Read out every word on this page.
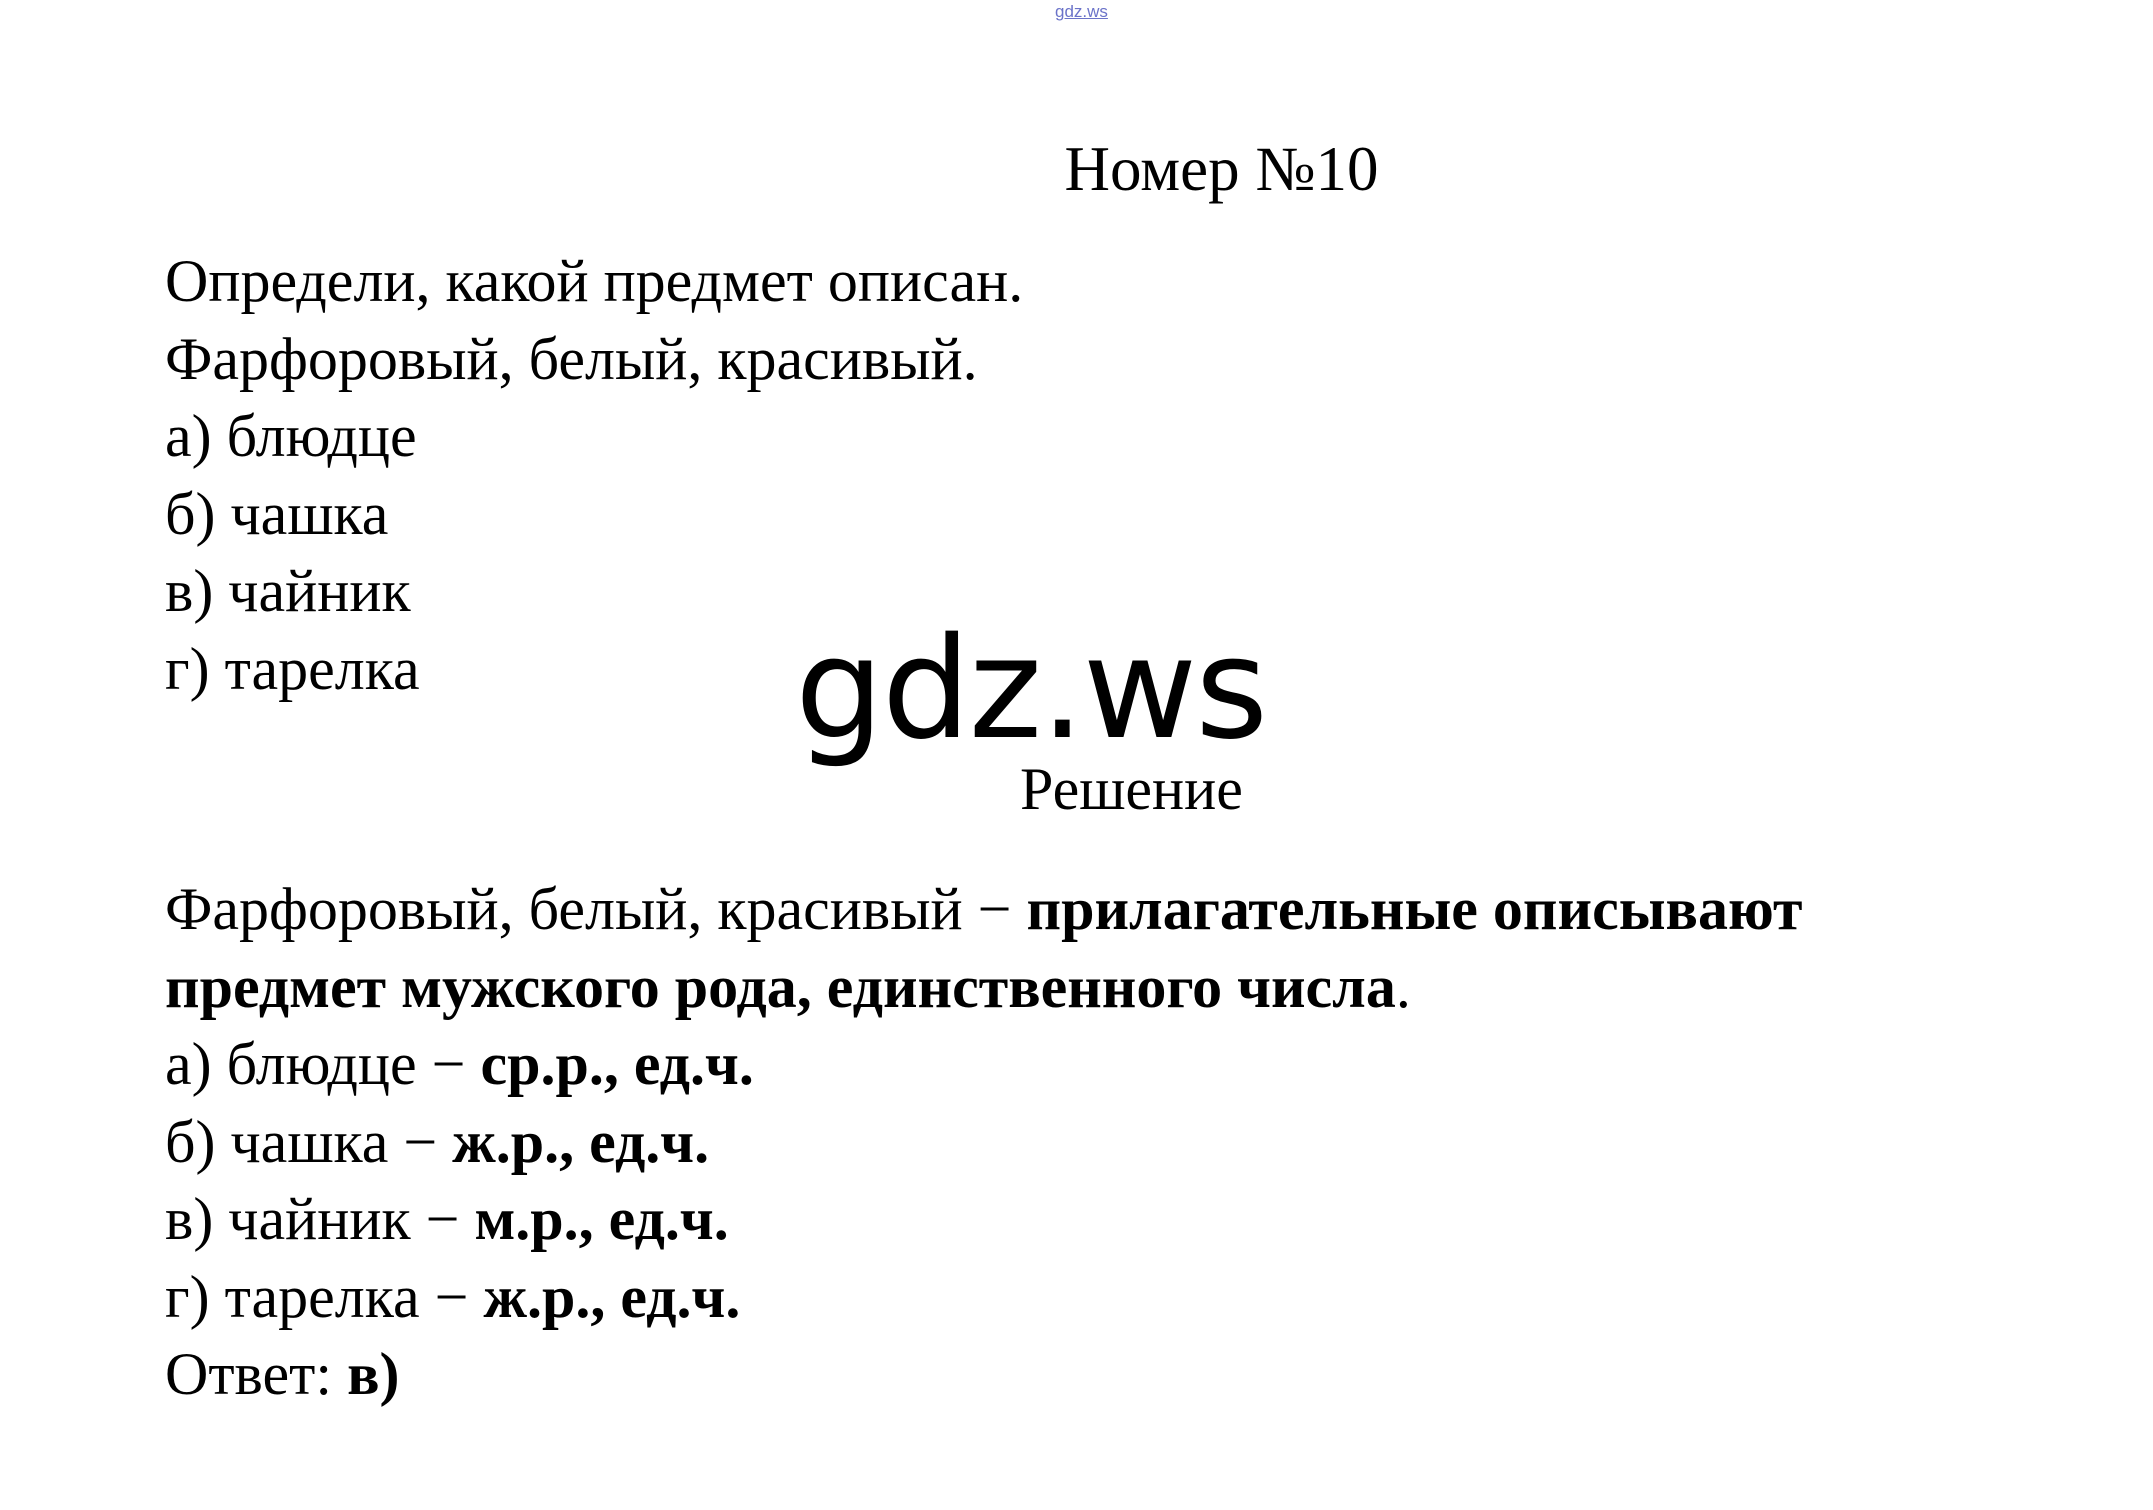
gdz.ws
Номер №10
Определи, какой предмет описан.
Фарфоровый, белый, красивый.
а) блюдце
б) чашка
в) чайник
г) тарелка	gdz.ws
Решение
Фарфоровый, белый, красивый − прилагательные описывают
предмет мужского рода, единственного числа.
а) блюдце − ср.р., ед.ч.
б) чашка − ж.р., ед.ч.
в) чайник − м.р., ед.ч.
г) тарелка − ж.р., ед.ч.
Ответ: в)
